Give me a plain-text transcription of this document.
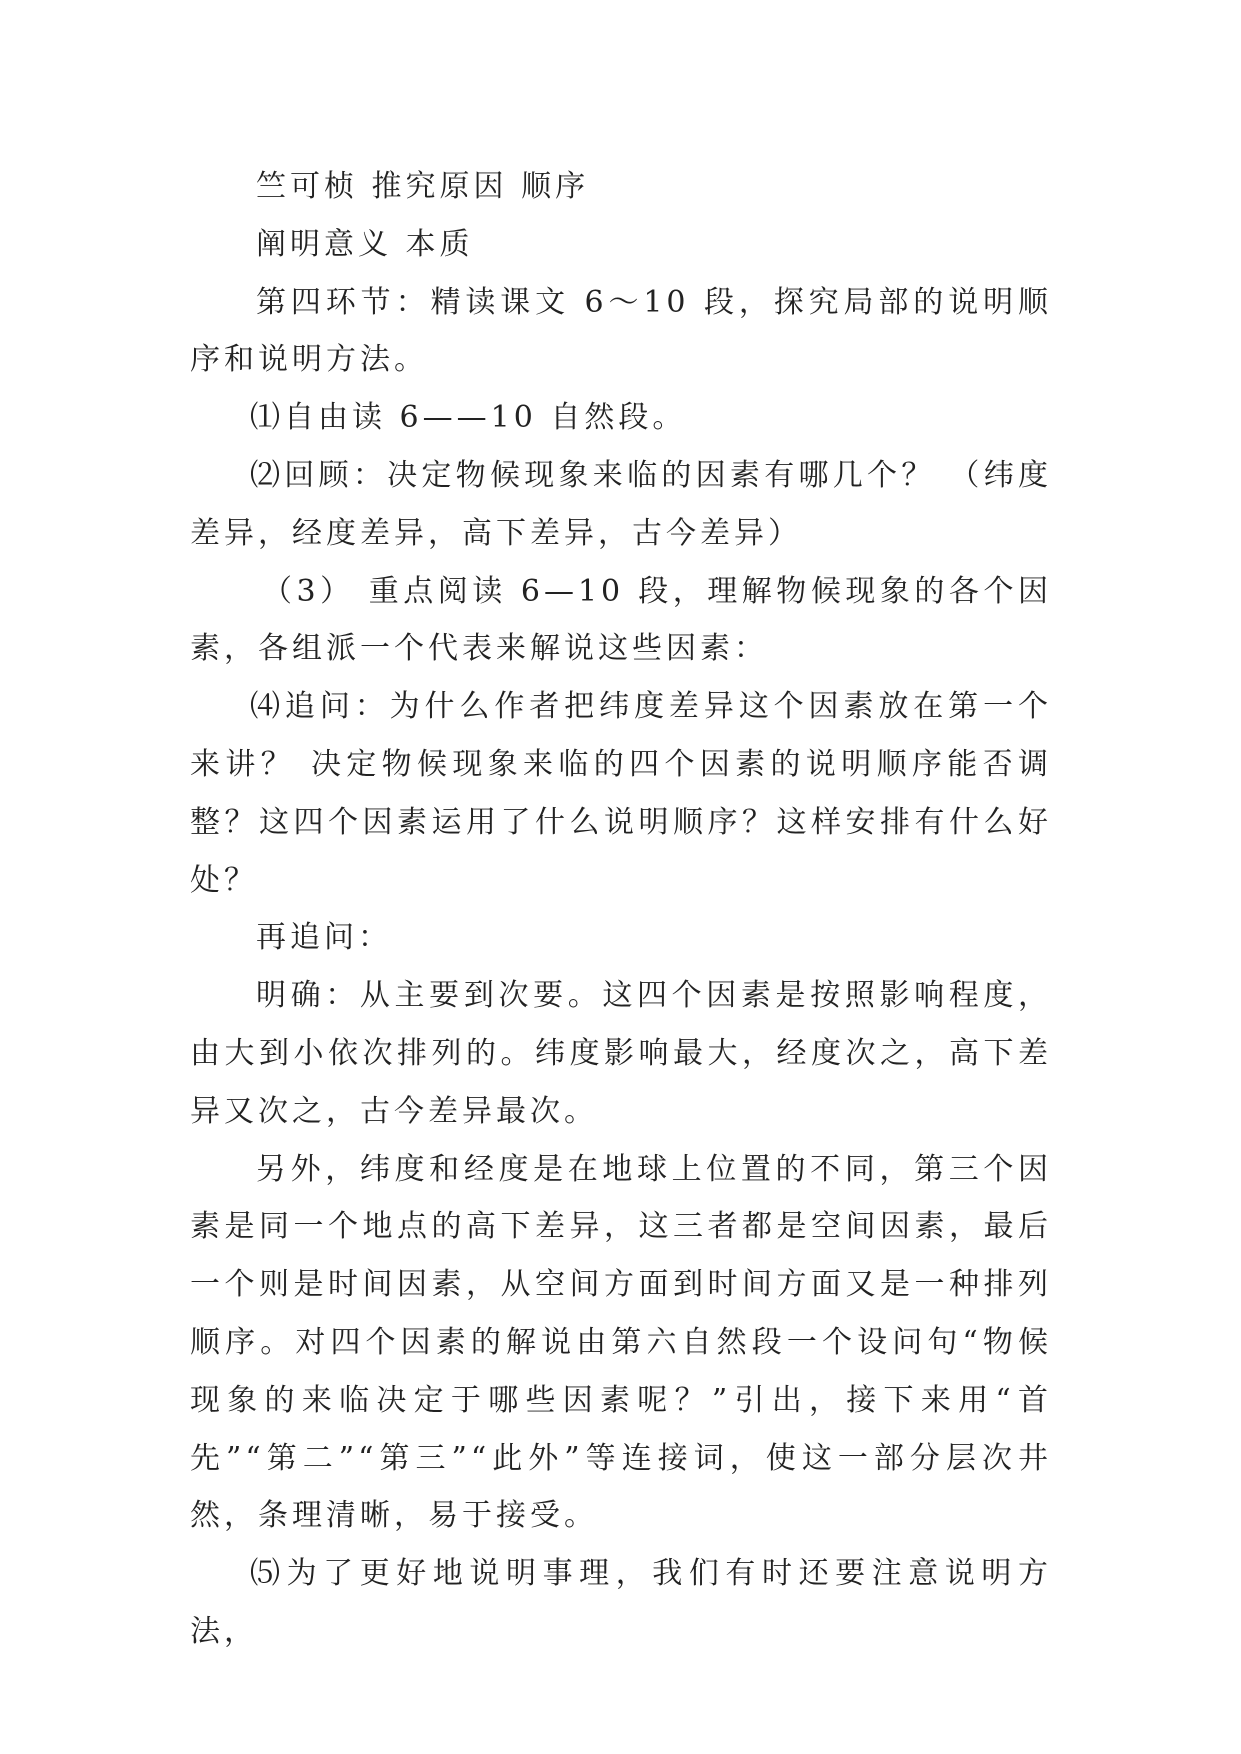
竺可桢 推究原因 顺序

阐明意义 本质

第四环节：精读课文 6～10 段，探究局部的说明顺序和说明方法。

⑴自由读 6——10 自然段。

⑵回顾：决定物候现象来临的因素有哪几个？ （纬度差异，经度差异，高下差异，古今差异）

（3） 重点阅读 6—10 段，理解物候现象的各个因素，各组派一个代表来解说这些因素：

⑷追问：为什么作者把纬度差异这个因素放在第一个来讲？ 决定物候现象来临的四个因素的说明顺序能否调整？这四个因素运用了什么说明顺序？这样安排有什么好处？

再追问：

明确：从主要到次要。这四个因素是按照影响程度，由大到小依次排列的。纬度影响最大，经度次之，高下差异又次之，古今差异最次。

另外，纬度和经度是在地球上位置的不同，第三个因素是同一个地点的高下差异，这三者都是空间因素，最后一个则是时间因素，从空间方面到时间方面又是一种排列顺序。对四个因素的解说由第六自然段一个设问句“物候现象的来临决定于哪些因素呢？”引出，接下来用“首先”“第二”“第三”“此外”等连接词，使这一部分层次井然，条理清晰，易于接受。

⑸为了更好地说明事理，我们有时还要注意说明方法，
